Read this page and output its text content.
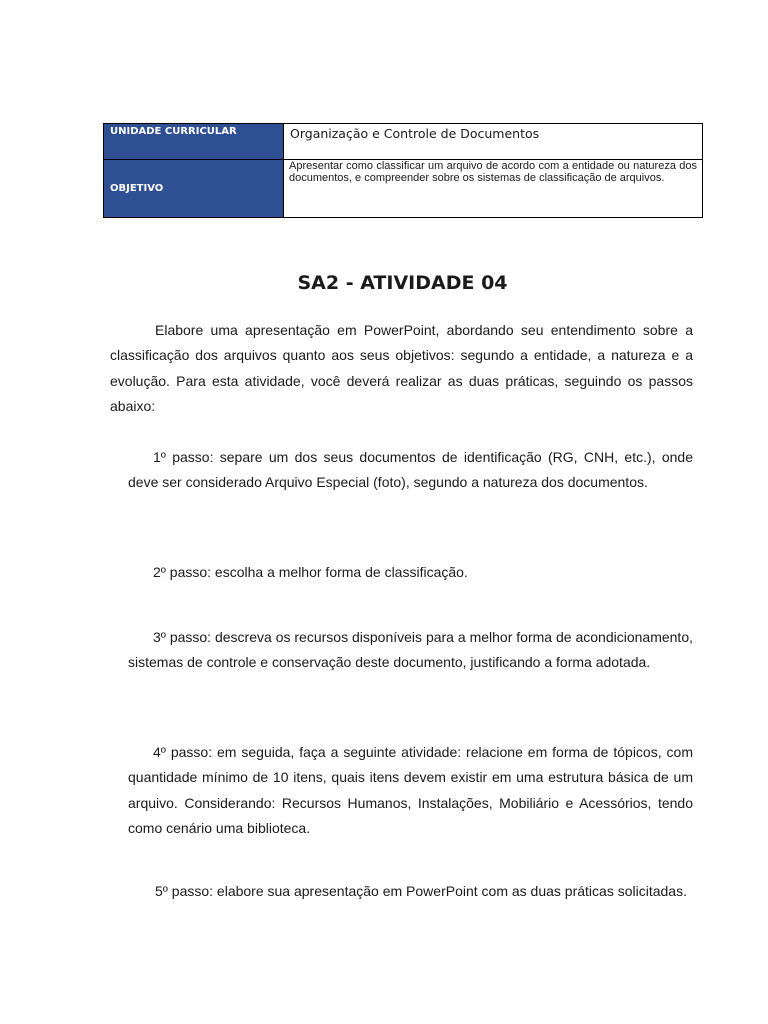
UNIDADE CURRICULAR	Organização e Controle de Documentos
OBJETIVO	Apresentar como classificar um arquivo de acordo com a entidade ou natureza dos documentos, e compreender sobre os sistemas de classificação de arquivos.
SA2 - ATIVIDADE 04

Elabore uma apresentação em PowerPoint, abordando seu entendimento sobre a classificação dos arquivos quanto aos seus objetivos: segundo a entidade, a natureza e a evolução. Para esta atividade, você deverá realizar as duas práticas, seguindo os passos abaixo:

1º passo: separe um dos seus documentos de identificação (RG, CNH, etc.), onde deve ser considerado Arquivo Especial (foto), segundo a natureza dos documentos.

2º passo: escolha a melhor forma de classificação.

3º passo: descreva os recursos disponíveis para a melhor forma de acondicionamento, sistemas de controle e conservação deste documento, justificando a forma adotada.

4º passo: em seguida, faça a seguinte atividade: relacione em forma de tópicos, com quantidade mínimo de 10 itens, quais itens devem existir em uma estrutura básica de um arquivo. Considerando: Recursos Humanos, Instalações, Mobiliário e Acessórios, tendo como cenário uma biblioteca.

5º passo: elabore sua apresentação em PowerPoint com as duas práticas solicitadas.
